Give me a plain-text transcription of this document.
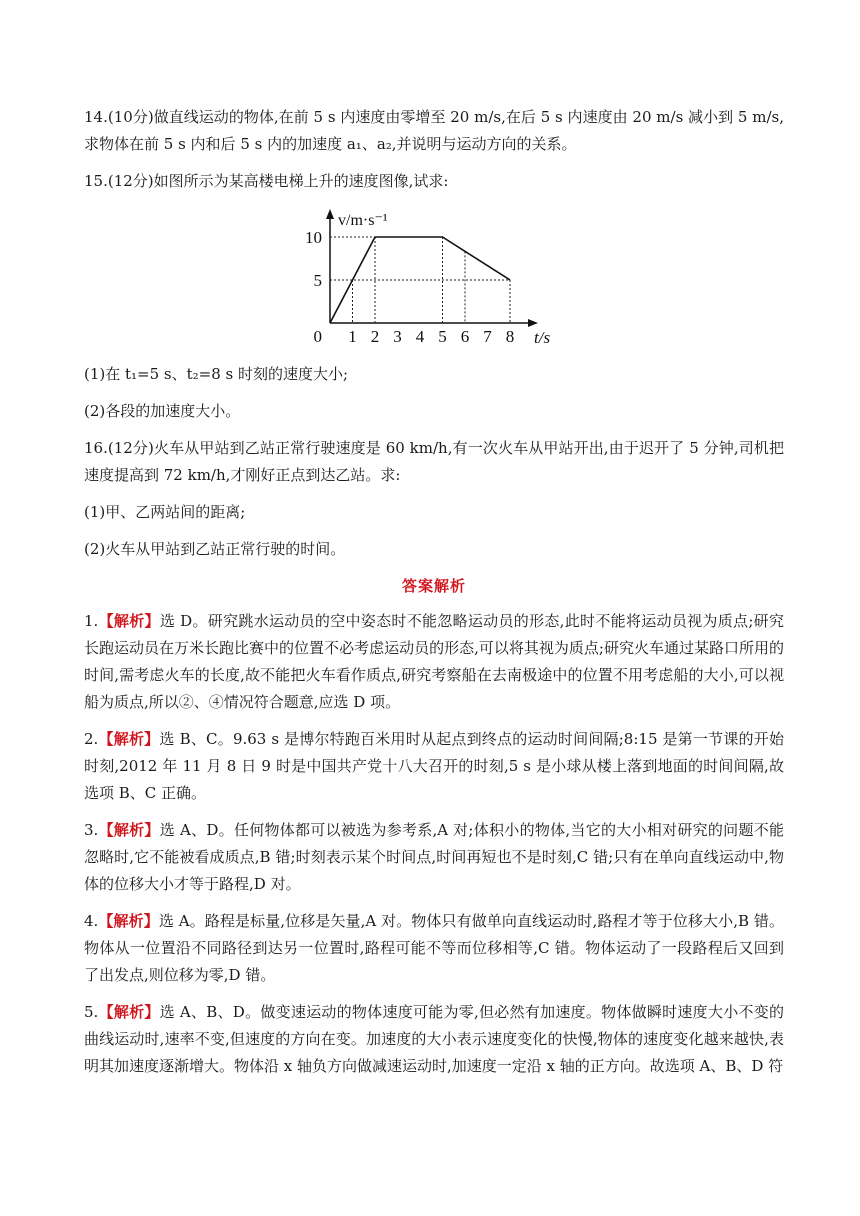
14.(10分)做直线运动的物体,在前 5 s 内速度由零增至 20 m/s,在后 5 s 内速度由 20 m/s 减小到 5 m/s,求物体在前 5 s 内和后 5 s 内的加速度 a₁、a₂,并说明与运动方向的关系。

15.(12分)如图所示为某高楼电梯上升的速度图像,试求:

1 2 3 4 5 6 7 8
5
10
0	t/s
v/m·s⁻¹

(1)在 t₁=5 s、t₂=8 s 时刻的速度大小;

(2)各段的加速度大小。

16.(12分)火车从甲站到乙站正常行驶速度是 60 km/h,有一次火车从甲站开出,由于迟开了 5 分钟,司机把速度提高到 72 km/h,才刚好正点到达乙站。求:

(1)甲、乙两站间的距离;

(2)火车从甲站到乙站正常行驶的时间。

答案解析

1.【解析】选 D。研究跳水运动员的空中姿态时不能忽略运动员的形态,此时不能将运动员视为质点;研究长跑运动员在万米长跑比赛中的位置不必考虑运动员的形态,可以将其视为质点;研究火车通过某路口所用的时间,需考虑火车的长度,故不能把火车看作质点,研究考察船在去南极途中的位置不用考虑船的大小,可以视船为质点,所以②、④情况符合题意,应选 D 项。

2.【解析】选 B、C。9.63 s 是博尔特跑百米用时从起点到终点的运动时间间隔;8:15 是第一节课的开始时刻,2012 年 11 月 8 日 9 时是中国共产党十八大召开的时刻,5 s 是小球从楼上落到地面的时间间隔,故选项 B、C 正确。

3.【解析】选 A、D。任何物体都可以被选为参考系,A 对;体积小的物体,当它的大小相对研究的问题不能忽略时,它不能被看成质点,B 错;时刻表示某个时间点,时间再短也不是时刻,C 错;只有在单向直线运动中,物体的位移大小才等于路程,D 对。

4.【解析】选 A。路程是标量,位移是矢量,A 对。物体只有做单向直线运动时,路程才等于位移大小,B 错。物体从一位置沿不同路径到达另一位置时,路程可能不等而位移相等,C 错。物体运动了一段路程后又回到了出发点,则位移为零,D 错。

5.【解析】选 A、B、D。做变速运动的物体速度可能为零,但必然有加速度。物体做瞬时速度大小不变的曲线运动时,速率不变,但速度的方向在变。加速度的大小表示速度变化的快慢,物体的速度变化越来越快,表明其加速度逐渐增大。物体沿 x 轴负方向做减速运动时,加速度一定沿 x 轴的正方向。故选项 A、B、D 符
